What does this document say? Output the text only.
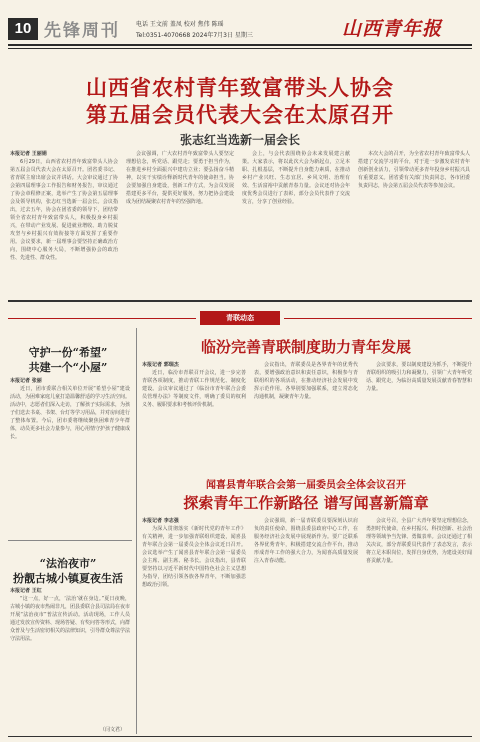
10 先锋周刊	电话 王文前 盖凤 校对 焦伟 陈瑶
Tel:0351-4070668 2024年7月3日 星期三	山西青年报
山西省农村青年致富带头人协会
第五届会员代表大会在太原召开
张志红当选新一届会长
本报记者 王丽娟

6月29日，山西省农村青年致富带头人协会第五届会员代表大会在太原召开。团省委书记、省青联主席出席会议并讲话。大会审议通过了协会第四届理事会工作报告和财务报告，审议通过了协会章程修正案，选举产生了协会第五届理事会及领导机构，张志红当选新一届会长。会议指出，过去五年，协会在团省委的领导下，团结带领全省农村青年致富带头人，积极投身乡村振兴，在带动产业发展、促进就业增收、助力脱贫攻坚与乡村振兴有效衔接等方面发挥了重要作用。会议要求，新一届理事会要坚持正确政治方向，围绕中心服务大局，不断增强协会的政治性、先进性、群众性。

会议强调，广大农村青年致富带头人要坚定理想信念，听党话、跟党走；要勇于担当作为，在推进乡村全面振兴中建功立业；要弘扬奋斗精神，以实干实绩诠释新时代青年的使命担当。协会要加强自身建设，创新工作方式，为会员发展搭建更多平台，提供更好服务，努力把协会建设成为团结凝聚农村青年的坚强阵地。

会上，与会代表围绕协会未来发展建言献策。大家表示，将以此次大会为新起点，立足本职、扎根基层，不断提升自身能力素质，在推动乡村产业兴旺、生态宜居、乡风文明、治理有效、生活富裕中贡献青春力量。会议还对协会年度优秀会员进行了表彰，部分会员代表作了交流发言，分享了创业经验。

本次大会的召开，为全省农村青年致富带头人搭建了交流学习的平台，对于进一步激发农村青年创新创业活力，引领带动更多青年投身乡村振兴具有重要意义。团省委有关部门负责同志，各市团委负责同志，协会第五届会员代表等参加会议。

青联动态
守护一份“希望”
共建一个“小屋”
本报记者 张丽

近日，团市委联合相关单位开展“希望小屋”建设活动，为困难家庭儿童打造温馨舒适的学习生活空间。活动中，志愿者们深入走访，了解孩子实际需求，为孩子们送去书桌、书架、台灯等学习用品，并对房间进行了整体布置。今后，团市委将继续聚焦困难青少年群体，动员更多社会力量参与，用心用情守护孩子健康成长。

“法治夜市”
扮靓古城小镇夏夜生活
本报记者 王红

“这一点，好一点，‘法治’就在身边。”夏日夜晚，古城小镇的夜市热闹非凡，团县委联合县司法局在夜市开展“法治夜市”普法宣传活动。活动现场，工作人员通过发放宣传资料、现场答疑、有奖问答等形式，向群众普及与生活密切相关的法律知识，引导群众尊法学法守法用法。

（闫文君）
临汾完善青联制度助力青年发展
本报记者 郭瑞杰

近日，临汾市青联召开会议，进一步完善青联各项制度，推动青联工作规范化、制度化建设。会议审议通过了《临汾市青年联合会委员管理办法》等制度文件，明确了委员的权利义务、履职要求和考核评价机制。

会议指出，青联委员是各界青年的优秀代表，要增强政治意识和责任意识，积极参与青联组织的各项活动，在推动经济社会发展中发挥示范作用。各界别要加强联系，建立常态化沟通机制，凝聚青年力量。

会议要求，要以制度建设为抓手，不断提升青联组织的吸引力和凝聚力，引领广大青年听党话、跟党走，为临汾高质量发展贡献青春智慧和力量。

闻喜县青年联合会第一届委员会全体会议召开
探索青年工作新路径 谱写闻喜新篇章
本报记者 李志强

为深入贯彻落实《新时代党的青年工作》有关精神，进一步加强青联组织建设，闻喜县青年联合会第一届委员会全体会议近日召开。会议选举产生了闻喜县青年联合会第一届委员会主席、副主席、秘书长。会议指出，县青联要坚持以习近平新时代中国特色社会主义思想为指导，团结引领各族各界青年，不断加强思想政治引领。

会议强调，新一届青联委员要深刻认识肩负的责任使命，围绕县委县政府中心工作，在服务经济社会发展中展现新作为。要广泛联系各界优秀青年，积极搭建交流合作平台，推动形成青年工作的强大合力，为闻喜高质量发展注入青春动能。

会议号召，全县广大青年要坚定理想信念，勇担时代使命，在乡村振兴、科技创新、社会治理等领域争当先锋、勇做表率。会议还通过了相关决议，部分青联委员代表作了表态发言，表示将立足本职岗位，发挥自身优势，为建设美好闻喜贡献力量。
